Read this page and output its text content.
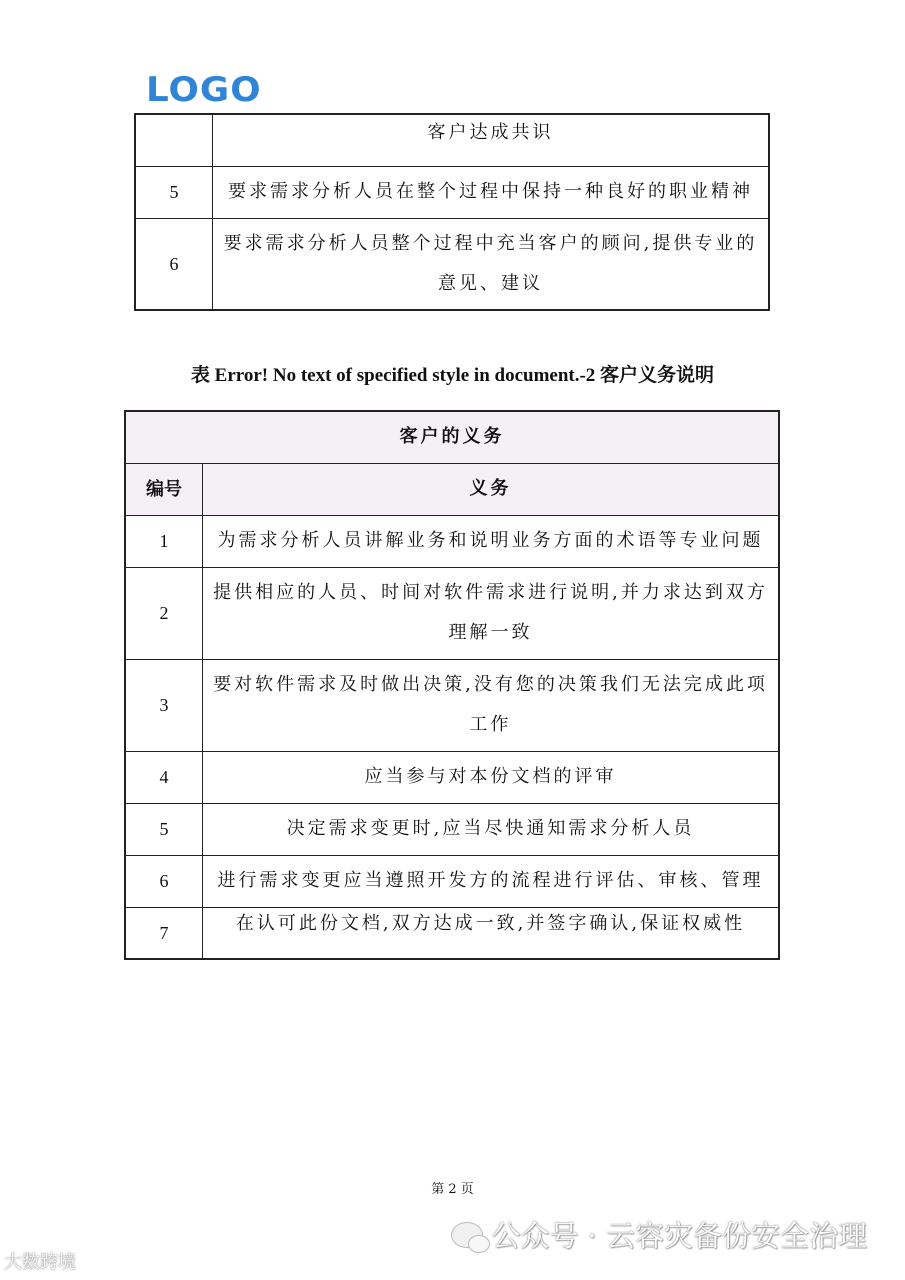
LOGO
	客户达成共识
5	要求需求分析人员在整个过程中保持一种良好的职业精神
6	要求需求分析人员整个过程中充当客户的顾问,提供专业的意见、建议
表 Error! No text of specified style in document.-2 客户义务说明
客户的义务	
编号	义务
1	为需求分析人员讲解业务和说明业务方面的术语等专业问题
2	提供相应的人员、时间对软件需求进行说明,并力求达到双方理解一致
3	要对软件需求及时做出决策,没有您的决策我们无法完成此项工作
4	应当参与对本份文档的评审
5	决定需求变更时,应当尽快通知需求分析人员
6	进行需求变更应当遵照开发方的流程进行评估、审核、管理
7	在认可此份文档,双方达成一致,并签字确认,保证权威性
第 2 页
公众号 · 云容灾备份安全治理
大数跨境
